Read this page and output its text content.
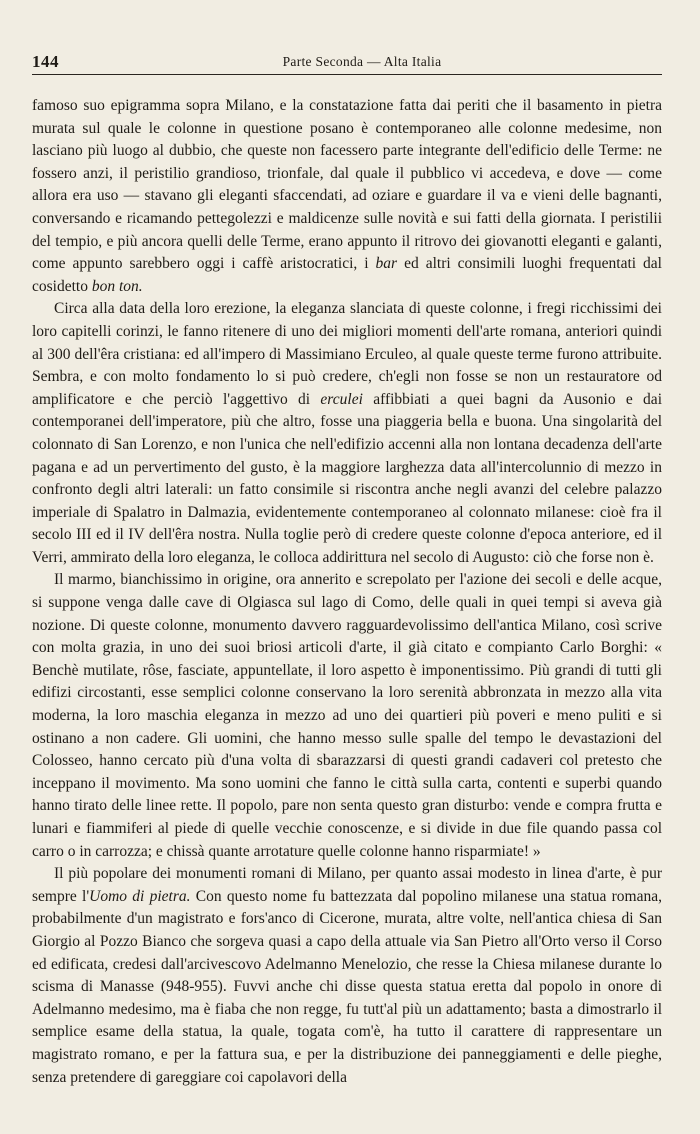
144	Parte Seconda — Alta Italia

famoso suo epigramma sopra Milano, e la constatazione fatta dai periti che il basamento in pietra murata sul quale le colonne in questione posano è contemporaneo alle colonne medesime, non lasciano più luogo al dubbio, che queste non facessero parte integrante dell'edificio delle Terme: ne fossero anzi, il peristilio grandioso, trionfale, dal quale il pubblico vi accedeva, e dove — come allora era uso — stavano gli eleganti sfaccendati, ad oziare e guardare il va e vieni delle bagnanti, conversando e ricamando pettegolezzi e maldicenze sulle novità e sui fatti della giornata. I peristilii del tempio, e più ancora quelli delle Terme, erano appunto il ritrovo dei giovanotti eleganti e galanti, come appunto sarebbero oggi i caffè aristocratici, i bar ed altri consimili luoghi frequentati dal cosidetto bon ton.

Circa alla data della loro erezione, la eleganza slanciata di queste colonne, i fregi ricchissimi dei loro capitelli corinzi, le fanno ritenere di uno dei migliori momenti dell'arte romana, anteriori quindi al 300 dell'êra cristiana: ed all'impero di Massimiano Erculeo, al quale queste terme furono attribuite. Sembra, e con molto fondamento lo si può credere, ch'egli non fosse se non un restauratore od amplificatore e che perciò l'aggettivo di erculei affibbiati a quei bagni da Ausonio e dai contemporanei dell'imperatore, più che altro, fosse una piaggeria bella e buona. Una singolarità del colonnato di San Lorenzo, e non l'unica che nell'edifizio accenni alla non lontana decadenza dell'arte pagana e ad un pervertimento del gusto, è la maggiore larghezza data all'intercolunnio di mezzo in confronto degli altri laterali: un fatto consimile si riscontra anche negli avanzi del celebre palazzo imperiale di Spalatro in Dalmazia, evidentemente contemporaneo al colonnato milanese: cioè fra il secolo III ed il IV dell'êra nostra. Nulla toglie però di credere queste colonne d'epoca anteriore, ed il Verri, ammirato della loro eleganza, le colloca addirittura nel secolo di Augusto: ciò che forse non è.

Il marmo, bianchissimo in origine, ora annerito e screpolato per l'azione dei secoli e delle acque, si suppone venga dalle cave di Olgiasca sul lago di Como, delle quali in quei tempi si aveva già nozione. Di queste colonne, monumento davvero ragguardevolissimo dell'antica Milano, così scrive con molta grazia, in uno dei suoi briosi articoli d'arte, il già citato e compianto Carlo Borghi: « Benchè mutilate, rôse, fasciate, appuntellate, il loro aspetto è imponentissimo. Più grandi di tutti gli edifizi circostanti, esse semplici colonne conservano la loro serenità abbronzata in mezzo alla vita moderna, la loro maschia eleganza in mezzo ad uno dei quartieri più poveri e meno puliti e si ostinano a non cadere. Gli uomini, che hanno messo sulle spalle del tempo le devastazioni del Colosseo, hanno cercato più d'una volta di sbarazzarsi di questi grandi cadaveri col pretesto che inceppano il movimento. Ma sono uomini che fanno le città sulla carta, contenti e superbi quando hanno tirato delle linee rette. Il popolo, pare non senta questo gran disturbo: vende e compra frutta e lunari e fiammiferi al piede di quelle vecchie conoscenze, e si divide in due file quando passa col carro o in carrozza; e chissà quante arrotature quelle colonne hanno risparmiate! »

Il più popolare dei monumenti romani di Milano, per quanto assai modesto in linea d'arte, è pur sempre l'Uomo di pietra. Con questo nome fu battezzata dal popolino milanese una statua romana, probabilmente d'un magistrato e fors'anco di Cicerone, murata, altre volte, nell'antica chiesa di San Giorgio al Pozzo Bianco che sorgeva quasi a capo della attuale via San Pietro all'Orto verso il Corso ed edificata, credesi dall'arcivescovo Adelmanno Menelozio, che resse la Chiesa milanese durante lo scisma di Manasse (948-955). Fuvvi anche chi disse questa statua eretta dal popolo in onore di Adelmanno medesimo, ma è fiaba che non regge, fu tutt'al più un adattamento; basta a dimostrarlo il semplice esame della statua, la quale, togata com'è, ha tutto il carattere di rappresentare un magistrato romano, e per la fattura sua, e per la distribuzione dei panneggiamenti e delle pieghe, senza pretendere di gareggiare coi capolavori della
